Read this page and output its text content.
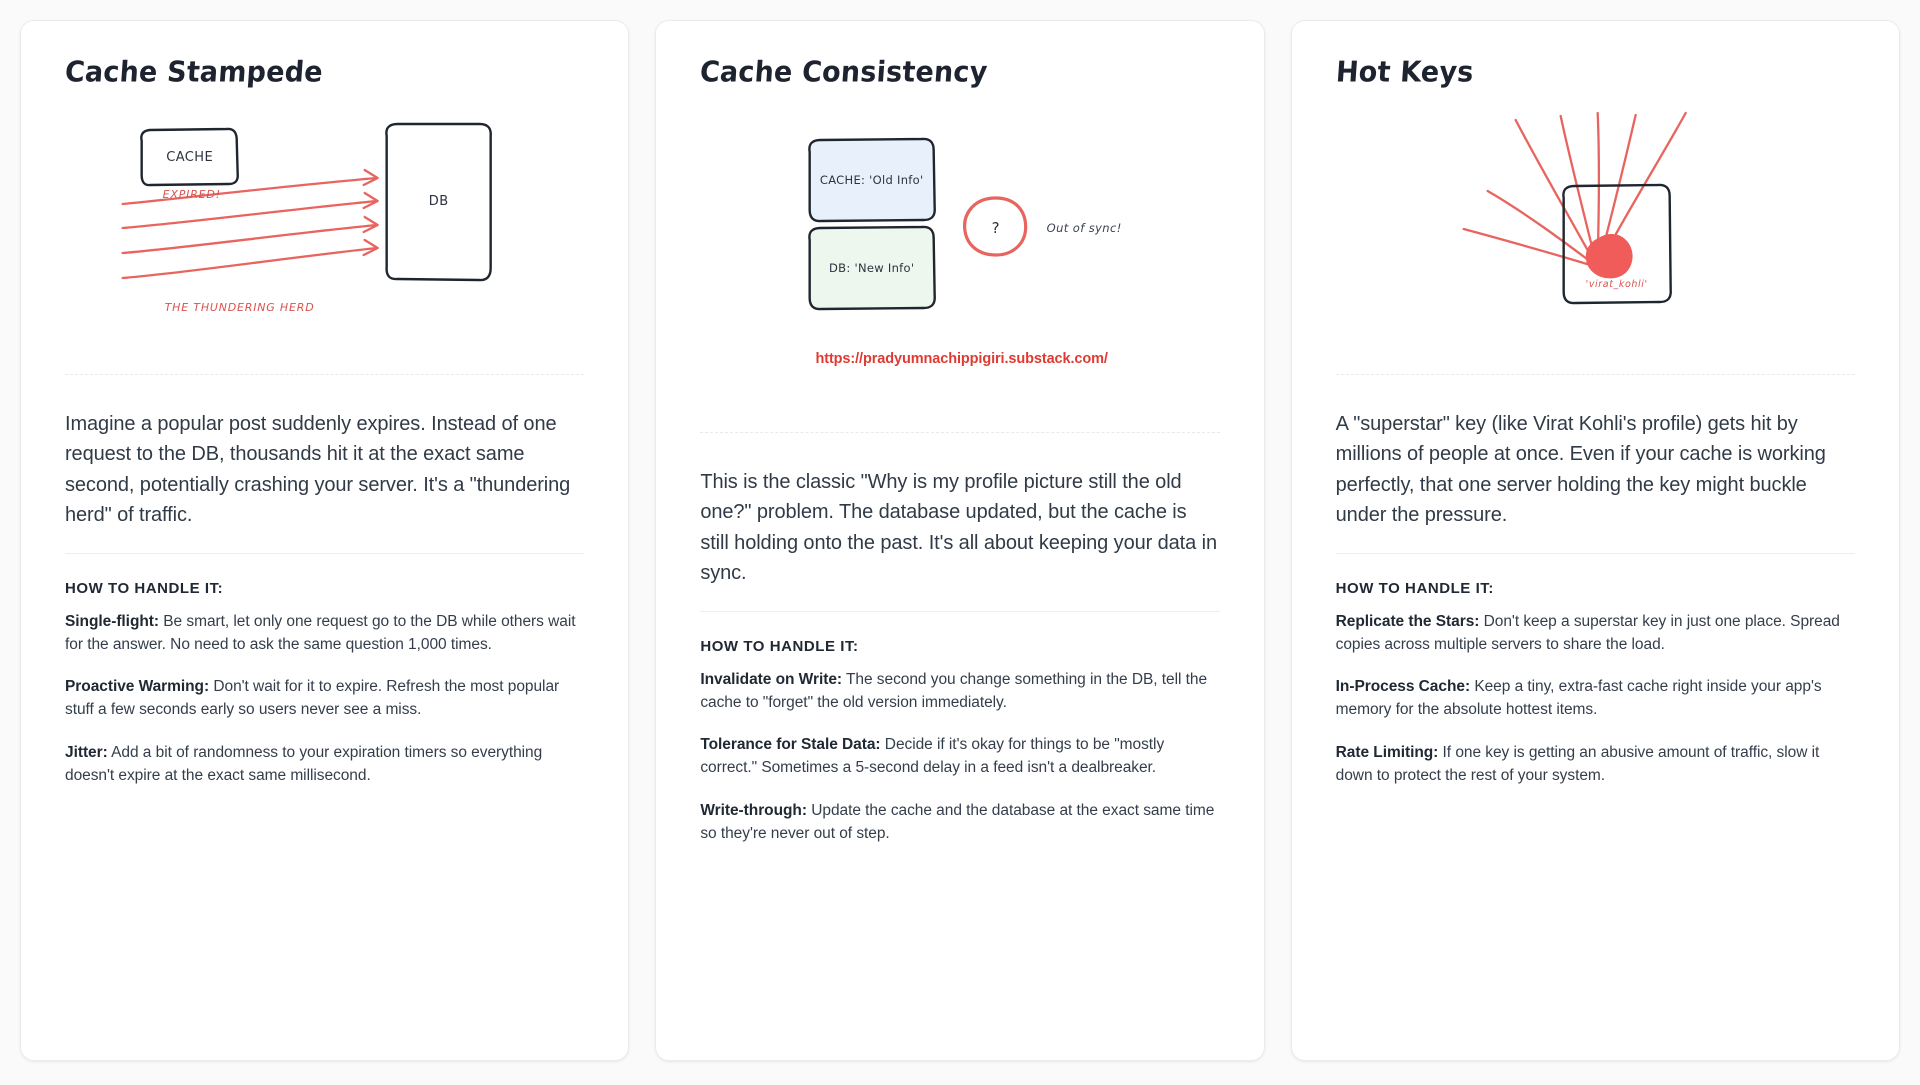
Cache Stampede
CACHE
DB
EXPIRED!
THE THUNDERING HERD

Imagine a popular post suddenly expires. Instead of one request to the DB, thousands hit it at the exact same second, potentially crashing your server. It's a "thundering herd" of traffic.

HOW TO HANDLE IT:

Single-flight: Be smart, let only one request go to the DB while others wait for the answer. No need to ask the same question 1,000 times.

Proactive Warming: Don't wait for it to expire. Refresh the most popular stuff a few seconds early so users never see a miss.

Jitter: Add a bit of randomness to your expiration timers so everything doesn't expire at the exact same millisecond.

Cache Consistency
CACHE: 'Old Info'
DB: 'New Info'
?	Out of sync!
https://pradyumnachippigiri.substack.com/

This is the classic "Why is my profile picture still the old one?" problem. The database updated, but the cache is still holding onto the past. It's all about keeping your data in sync.

HOW TO HANDLE IT:

Invalidate on Write: The second you change something in the DB, tell the cache to "forget" the old version immediately.

Tolerance for Stale Data: Decide if it's okay for things to be "mostly correct." Sometimes a 5-second delay in a feed isn't a dealbreaker.

Write-through: Update the cache and the database at the exact same time so they're never out of step.

Hot Keys
'virat_kohli'

A "superstar" key (like Virat Kohli's profile) gets hit by millions of people at once. Even if your cache is working perfectly, that one server holding the key might buckle under the pressure.

HOW TO HANDLE IT:

Replicate the Stars: Don't keep a superstar key in just one place. Spread copies across multiple servers to share the load.

In-Process Cache: Keep a tiny, extra-fast cache right inside your app's memory for the absolute hottest items.

Rate Limiting: If one key is getting an abusive amount of traffic, slow it down to protect the rest of your system.
